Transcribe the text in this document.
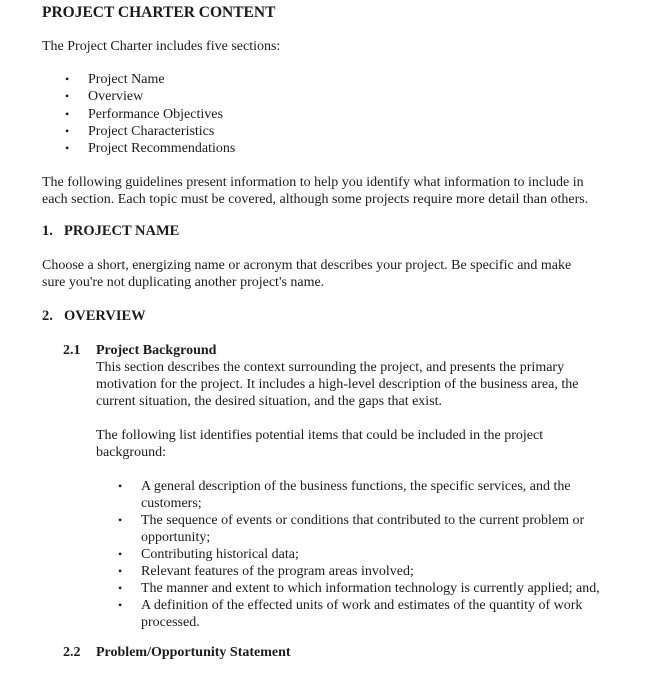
PROJECT CHARTER CONTENT

The Project Charter includes five sections:

•	Project Name
•	Overview
•	Performance Objectives
•	Project Characteristics
•	Project Recommendations

The following guidelines present information to help you identify what information to include in each section. Each topic must be covered, although some projects require more detail than others.

1. PROJECT NAME

Choose a short, energizing name or acronym that describes your project. Be specific and make sure you're not duplicating another project's name.

2. OVERVIEW
2.1	Project Background

This section describes the context surrounding the project, and presents the primary motivation for the project. It includes a high-level description of the business area, the current situation, the desired situation, and the gaps that exist.

The following list identifies potential items that could be included in the project background:

•	A general description of the business functions, the specific services, and the customers;
•	The sequence of events or conditions that contributed to the current problem or opportunity;
•	Contributing historical data;
•	Relevant features of the program areas involved;
•	The manner and extent to which information technology is currently applied; and,
•	A definition of the effected units of work and estimates of the quantity of work processed.
2.2	Problem/Opportunity Statement
